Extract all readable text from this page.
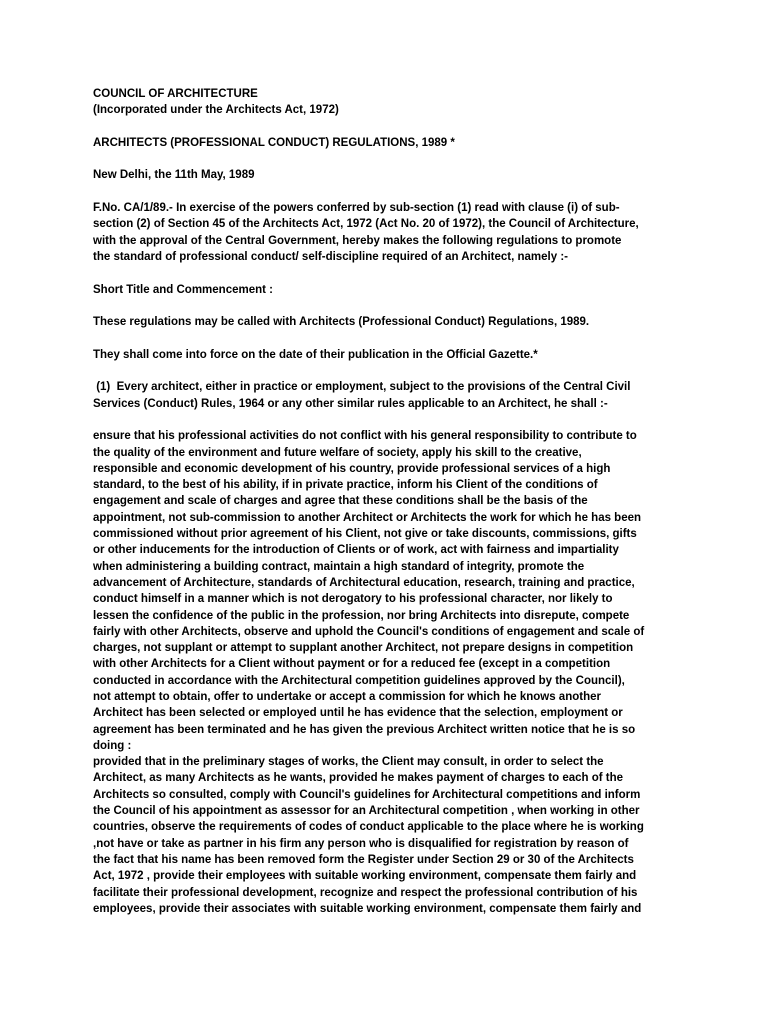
COUNCIL OF ARCHITECTURE

(Incorporated under the Architects Act, 1972)

ARCHITECTS (PROFESSIONAL CONDUCT) REGULATIONS, 1989 *

New Delhi, the 11th May, 1989

F.No. CA/1/89.- In exercise of the powers conferred by sub-section (1) read with clause (i) of sub-
section (2) of Section 45 of the Architects Act, 1972 (Act No. 20 of 1972), the Council of Architecture,
with the approval of the Central Government, hereby makes the following regulations to promote
the standard of professional conduct/ self-discipline required of an Architect, namely :-

Short Title and Commencement :

These regulations may be called with Architects (Professional Conduct) Regulations, 1989.

They shall come into force on the date of their publication in the Official Gazette.*

(1)  Every architect, either in practice or employment, subject to the provisions of the Central Civil
Services (Conduct) Rules, 1964 or any other similar rules applicable to an Architect, he shall :-
ensure that his professional activities do not conflict with his general responsibility to contribute to
the quality of the environment and future welfare of society, apply his skill to the creative,
responsible and economic development of his country, provide professional services of a high
standard, to the best of his ability, if in private practice, inform his Client of the conditions of
engagement and scale of charges and agree that these conditions shall be the basis of the
appointment, not sub-commission to another Architect or Architects the work for which he has been
commissioned without prior agreement of his Client, not give or take discounts, commissions, gifts
or other inducements for the introduction of Clients or of work, act with fairness and impartiality
when administering a building contract, maintain a high standard of integrity, promote the
advancement of Architecture, standards of Architectural education, research, training and practice,
conduct himself in a manner which is not derogatory to his professional character, nor likely to
lessen the confidence of the public in the profession, nor bring Architects into disrepute, compete
fairly with other Architects, observe and uphold the Council's conditions of engagement and scale of
charges, not supplant or attempt to supplant another Architect, not prepare designs in competition
with other Architects for a Client without payment or for a reduced fee (except in a competition
conducted in accordance with the Architectural competition guidelines approved by the Council),
not attempt to obtain, offer to undertake or accept a commission for which he knows another
Architect has been selected or employed until he has evidence that the selection, employment or
agreement has been terminated and he has given the previous Architect written notice that he is so
doing :
provided that in the preliminary stages of works, the Client may consult, in order to select the
Architect, as many Architects as he wants, provided he makes payment of charges to each of the
Architects so consulted, comply with Council's guidelines for Architectural competitions and inform
the Council of his appointment as assessor for an Architectural competition , when working in other
countries, observe the requirements of codes of conduct applicable to the place where he is working
,not have or take as partner in his firm any person who is disqualified for registration by reason of
the fact that his name has been removed form the Register under Section 29 or 30 of the Architects
Act, 1972 , provide their employees with suitable working environment, compensate them fairly and
facilitate their professional development, recognize and respect the professional contribution of his
employees, provide their associates with suitable working environment, compensate them fairly and
